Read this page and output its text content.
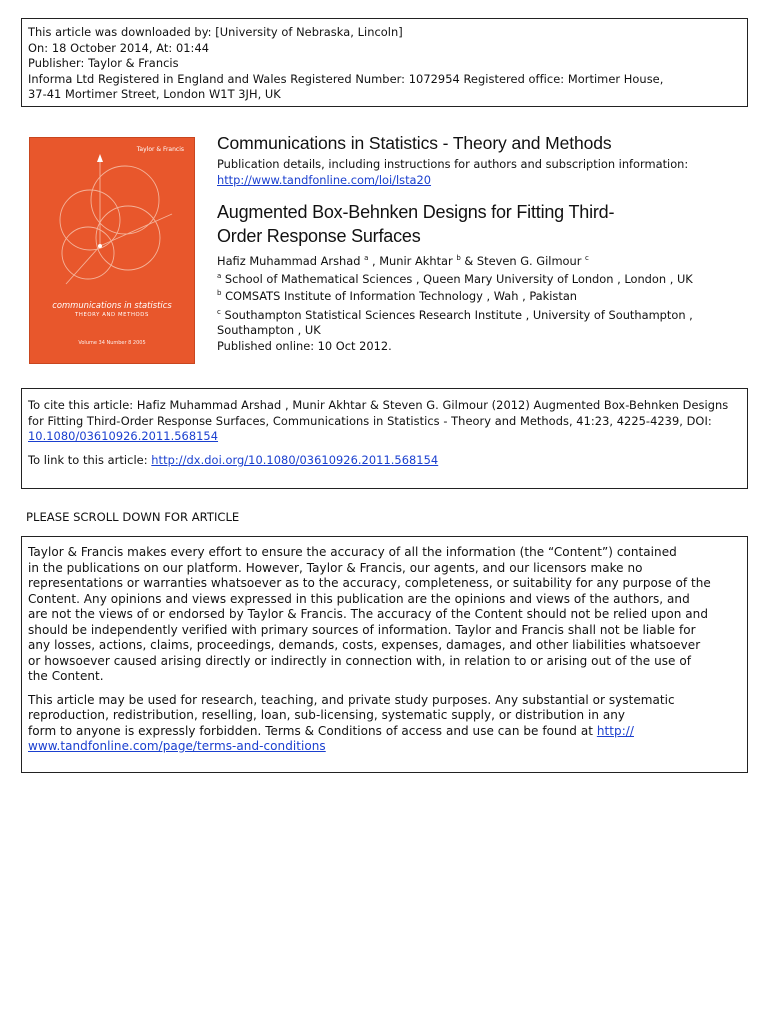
This article was downloaded by: [University of Nebraska, Lincoln]
On: 18 October 2014, At: 01:44
Publisher: Taylor & Francis
Informa Ltd Registered in England and Wales Registered Number: 1072954 Registered office: Mortimer House,
37-41 Mortimer Street, London W1T 3JH, UK
Taylor & Francis
communications in statistics
THEORY AND METHODS
Volume 34 Number 8 2005
Communications in Statistics - Theory and Methods
Publication details, including instructions for authors and subscription information:
http://www.tandfonline.com/loi/lsta20
Augmented Box-Behnken Designs for Fitting Third-
Order Response Surfaces
Hafiz Muhammad Arshad $^a$ , Munir Akhtar $^b$ & Steven G. Gilmour $^c$
$^a$ School of Mathematical Sciences , Queen Mary University of London , London , UK
$^b$ COMSATS Institute of Information Technology , Wah , Pakistan
$^c$ Southampton Statistical Sciences Research Institute , University of Southampton ,
Southampton , UK
Published online: 10 Oct 2012.
To cite this article: Hafiz Muhammad Arshad , Munir Akhtar & Steven G. Gilmour (2012) Augmented Box-Behnken Designs
for Fitting Third-Order Response Surfaces, Communications in Statistics - Theory and Methods, 41:23, 4225-4239, DOI:
10.1080/03610926.2011.568154
To link to this article: http://dx.doi.org/10.1080/03610926.2011.568154
PLEASE SCROLL DOWN FOR ARTICLE
Taylor & Francis makes every effort to ensure the accuracy of all the information (the “Content”) contained
in the publications on our platform. However, Taylor & Francis, our agents, and our licensors make no
representations or warranties whatsoever as to the accuracy, completeness, or suitability for any purpose of the
Content. Any opinions and views expressed in this publication are the opinions and views of the authors, and
are not the views of or endorsed by Taylor & Francis. The accuracy of the Content should not be relied upon and
should be independently verified with primary sources of information. Taylor and Francis shall not be liable for
any losses, actions, claims, proceedings, demands, costs, expenses, damages, and other liabilities whatsoever
or howsoever caused arising directly or indirectly in connection with, in relation to or arising out of the use of
the Content.
This article may be used for research, teaching, and private study purposes. Any substantial or systematic
reproduction, redistribution, reselling, loan, sub-licensing, systematic supply, or distribution in any
form to anyone is expressly forbidden. Terms & Conditions of access and use can be found at http://
www.tandfonline.com/page/terms-and-conditions
